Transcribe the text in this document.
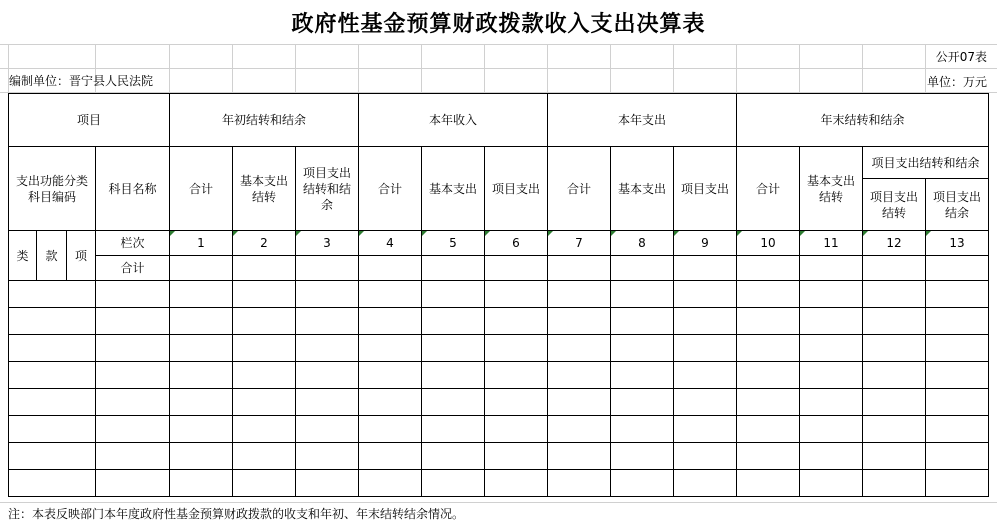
政府性基金预算财政拨款收入支出决算表
公开07表
编制单位：晋宁县人民法院	单位：万元
项目				年初结转和结余			本年收入			本年支出			年末结转和结余			
支出功能分类科目编码			科目名称	合计	基本支出结转	项目支出结转和结余	合计	基本支出	项目支出	合计	基本支出	项目支出	合计	基本支出结转	项目支出结转和结余	
															项目支出结转	项目支出结余
类	款	项	栏次	1	2	3	4	5	6	7	8	9	10	11	12	13
			合计													

注：本表反映部门本年度政府性基金预算财政拨款的收支和年初、年末结转结余情况。
